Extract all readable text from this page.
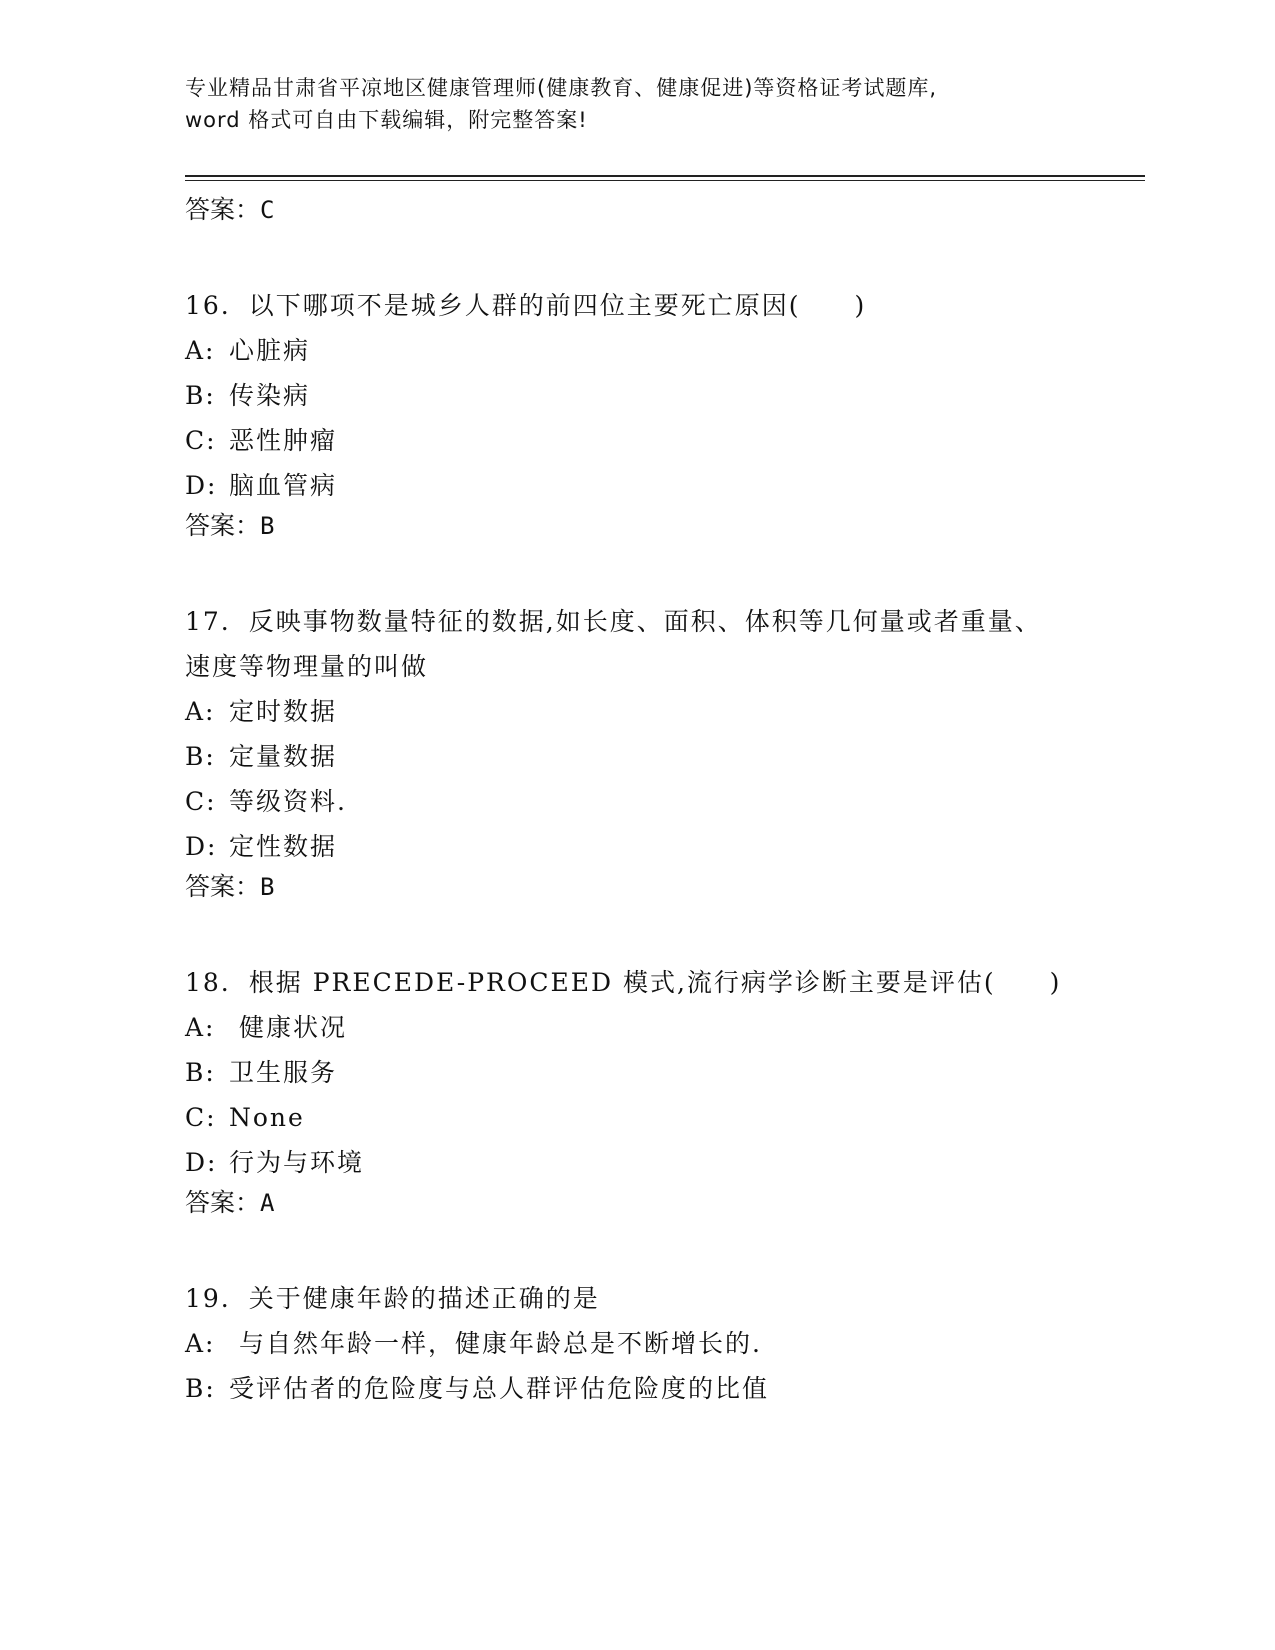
专业精品甘肃省平凉地区健康管理师(健康教育、健康促进)等资格证考试题库,
word 格式可自由下载编辑，附完整答案!
答案：C
16. 以下哪项不是城乡人群的前四位主要死亡原因(　　)
A: 心脏病
B: 传染病
C: 恶性肿瘤
D: 脑血管病
答案：B
17. 反映事物数量特征的数据,如长度、面积、体积等几何量或者重量、速度等物理量的叫做
A: 定时数据
B: 定量数据
C: 等级资料.
D: 定性数据
答案：B
18. 根据 PRECEDE-PROCEED 模式,流行病学诊断主要是评估(　　)
A: 健康状况
B: 卫生服务
C: None
D: 行为与环境
答案：A
19. 关于健康年龄的描述正确的是
A: 与自然年龄一样，健康年龄总是不断增长的.
B: 受评估者的危险度与总人群评估危险度的比值
